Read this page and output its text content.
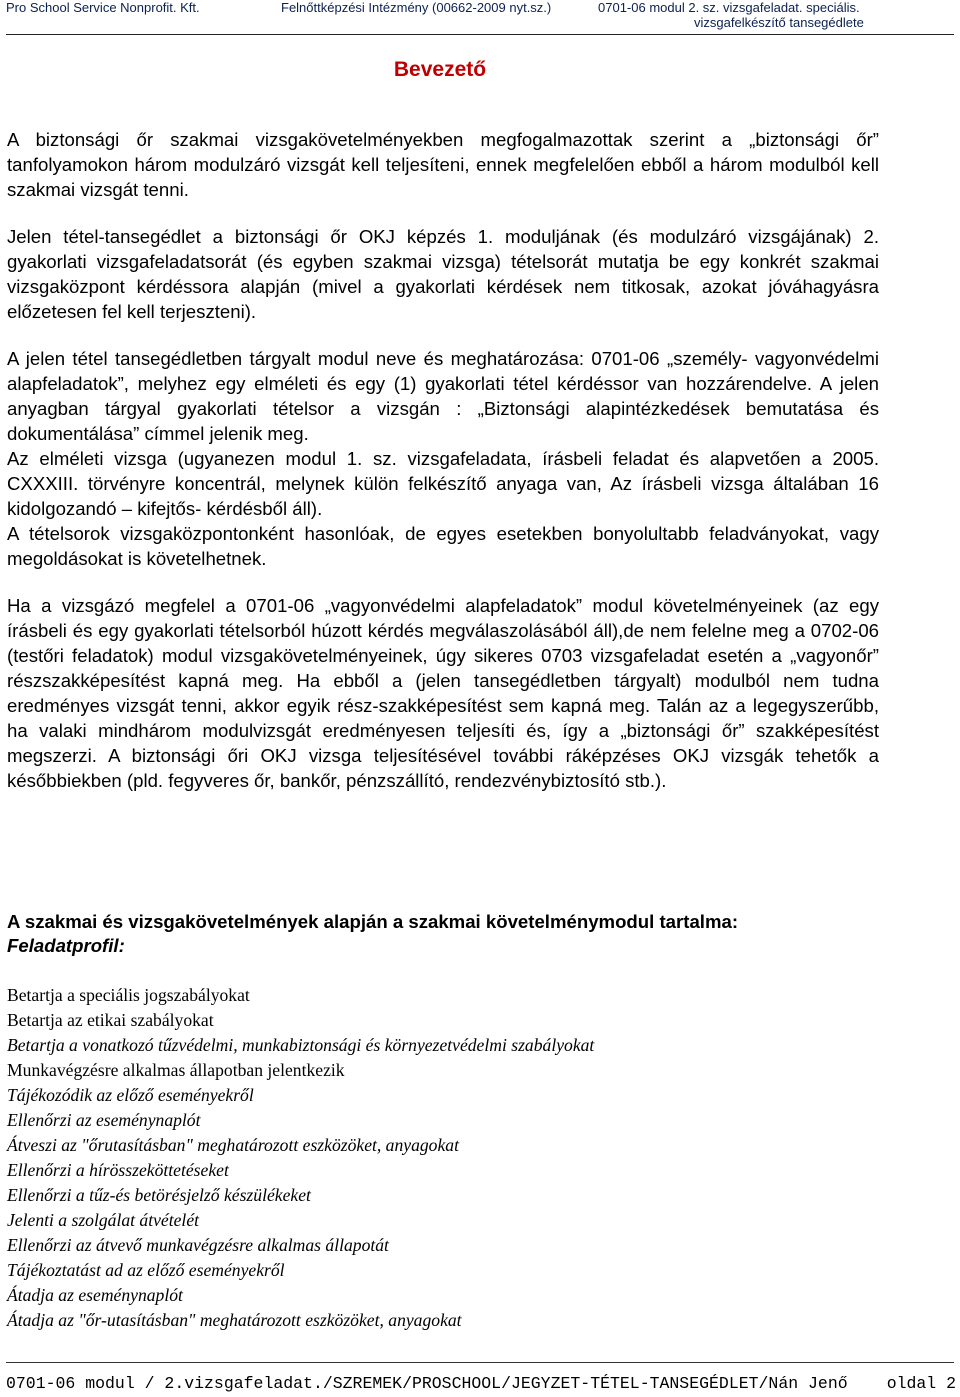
Pro School Service Nonprofit. Kft.	Felnőttképzési Intézmény (00662-2009 nyt.sz.)	0701-06 modul 2. sz. vizsgafeladat. speciális.
vizsgafelkészítő tansegédlete
Bevezető

A biztonsági őr szakmai vizsgakövetelményekben megfogalmazottak szerint a „biztonsági őr” tanfolyamokon három modulzáró vizsgát kell teljesíteni, ennek megfelelően ebből a három modulból kell szakmai vizsgát tenni.

Jelen tétel-tansegédlet a biztonsági őr OKJ képzés 1. moduljának (és modulzáró vizsgájának) 2. gyakorlati vizsgafeladatsorát (és egyben szakmai vizsga) tételsorát mutatja be egy konkrét szakmai vizsgaközpont kérdéssora alapján (mivel a gyakorlati kérdések nem titkosak, azokat jóváhagyásra előzetesen fel kell terjeszteni).

A jelen tétel tansegédletben tárgyalt modul neve és meghatározása: 0701-06 „személy- vagyonvédelmi alapfeladatok”, melyhez egy elméleti és egy (1) gyakorlati tétel kérdéssor van hozzárendelve. A jelen anyagban tárgyal gyakorlati tételsor a vizsgán : „Biztonsági alapintézkedések bemutatása és dokumentálása” címmel jelenik meg.

Az elméleti vizsga (ugyanezen modul 1. sz. vizsgafeladata, írásbeli feladat és alapvetően a 2005. CXXXIII. törvényre koncentrál, melynek külön felkészítő anyaga van, Az írásbeli vizsga általában 16 kidolgozandó – kifejtős- kérdésből áll).

A tételsorok vizsgaközpontonként hasonlóak, de egyes esetekben bonyolultabb feladványokat, vagy megoldásokat is követelhetnek.

Ha a vizsgázó megfelel a 0701-06 „vagyonvédelmi alapfeladatok” modul követelményeinek (az egy írásbeli és egy gyakorlati tételsorból húzott kérdés megválaszolásából áll),de nem felelne meg a 0702-06 (testőri feladatok) modul vizsgakövetelményeinek, úgy sikeres 0703 vizsgafeladat esetén a „vagyonőr” részszakképesítést kapná meg. Ha ebből a (jelen tansegédletben tárgyalt) modulból nem tudna eredményes vizsgát tenni, akkor egyik rész-szakképesítést sem kapná meg. Talán az a legegyszerűbb, ha valaki mindhárom modulvizsgát eredményesen teljesíti és, így a „biztonsági őr” szakképesítést megszerzi. A biztonsági őri OKJ vizsga teljesítésével további ráképzéses OKJ vizsgák tehetők a későbbiekben (pld. fegyveres őr, bankőr, pénzszállító, rendezvénybiztosító stb.).

A szakmai és vizsgakövetelmények alapján a szakmai követelménymodul tartalma:
Feladatprofil:
Betartja a speciális jogszabályokat
Betartja az etikai szabályokat
Betartja a vonatkozó tűzvédelmi, munkabiztonsági és környezetvédelmi szabályokat
Munkavégzésre alkalmas állapotban jelentkezik
Tájékozódik az előző eseményekről
Ellenőrzi az eseménynaplót
Átveszi az "őrutasításban" meghatározott eszközöket, anyagokat
Ellenőrzi a hírösszeköttetéseket
Ellenőrzi a tűz-és betörésjelző készülékeket
Jelenti a szolgálat átvételét
Ellenőrzi az átvevő munkavégzésre alkalmas állapotát
Tájékoztatást ad az előző eseményekről
Átadja az eseménynaplót
Átadja az "őr-utasításban" meghatározott eszközöket, anyagokat
0701-06 modul / 2.vizsgafeladat./SZREMEK/PROSCHOOL/JEGYZET-TÉTEL-TANSEGÉDLET/Nán Jenő oldal 2
